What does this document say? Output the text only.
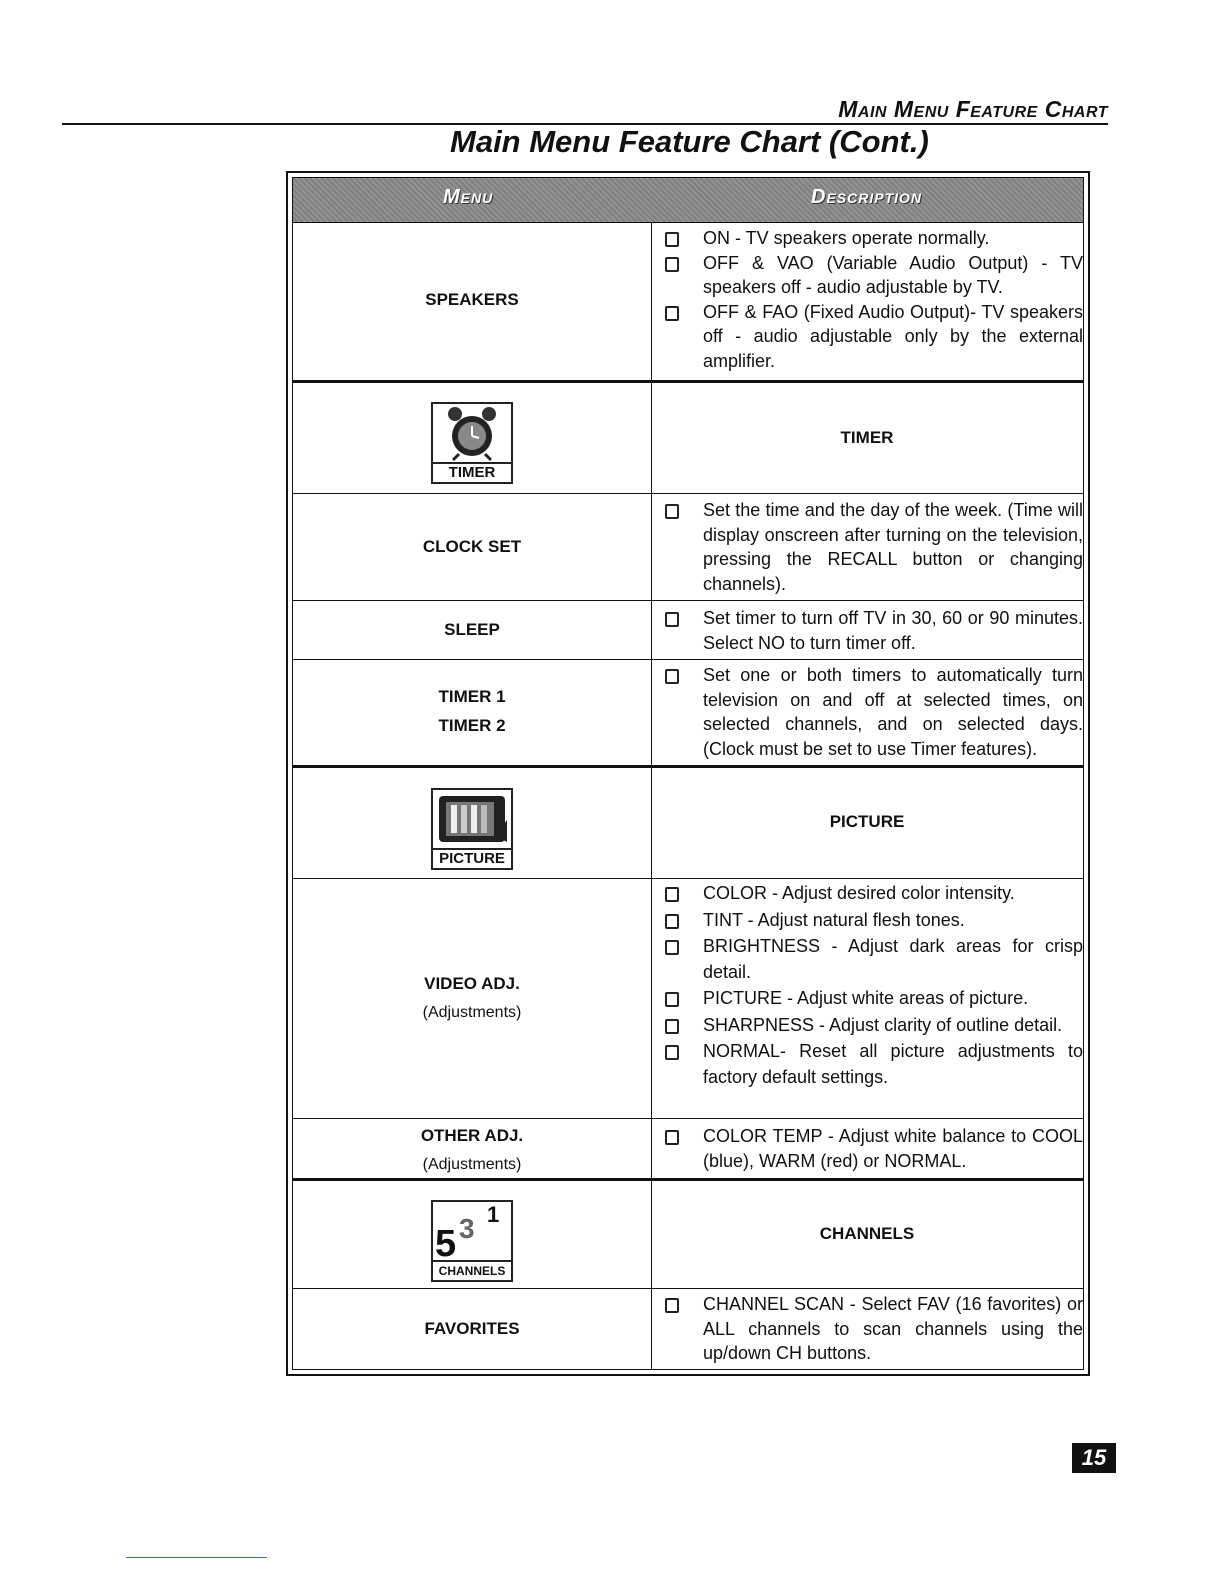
Main Menu Feature Chart
Main Menu Feature Chart (Cont.)
Menu	Description
SPEAKERS
ON - TV speakers operate normally.
OFF & VAO (Variable Audio Output) - TV speakers off - audio adjustable by TV.
OFF & FAO (Fixed Audio Output)- TV speakers off - audio adjustable only by the external amplifier.
TIMER
TIMER
CLOCK SET
Set the time and the day of the week. (Time will display onscreen after turning on the television, pressing the RECALL button or changing channels).
SLEEP
Set timer to turn off TV in 30, 60 or 90 minutes. Select NO to turn timer off.
TIMER 1
TIMER 2
Set one or both timers to automatically turn television on and off at selected times, on selected channels, and on selected days. (Clock must be set to use Timer features).
PICTURE
PICTURE
VIDEO ADJ.
(Adjustments)
COLOR - Adjust desired color intensity.
TINT - Adjust natural flesh tones.
BRIGHTNESS - Adjust dark areas for crisp detail.
PICTURE - Adjust white areas of picture.
SHARPNESS - Adjust clarity of outline detail.
NORMAL- Reset all picture adjustments to factory default settings.
OTHER ADJ.
(Adjustments)
COLOR TEMP - Adjust white balance to COOL (blue), WARM (red) or NORMAL.
5 3 1
CHANNELS
CHANNELS
FAVORITES
CHANNEL SCAN - Select FAV (16 favorites) or ALL channels to scan channels using the up/down CH buttons.
15
